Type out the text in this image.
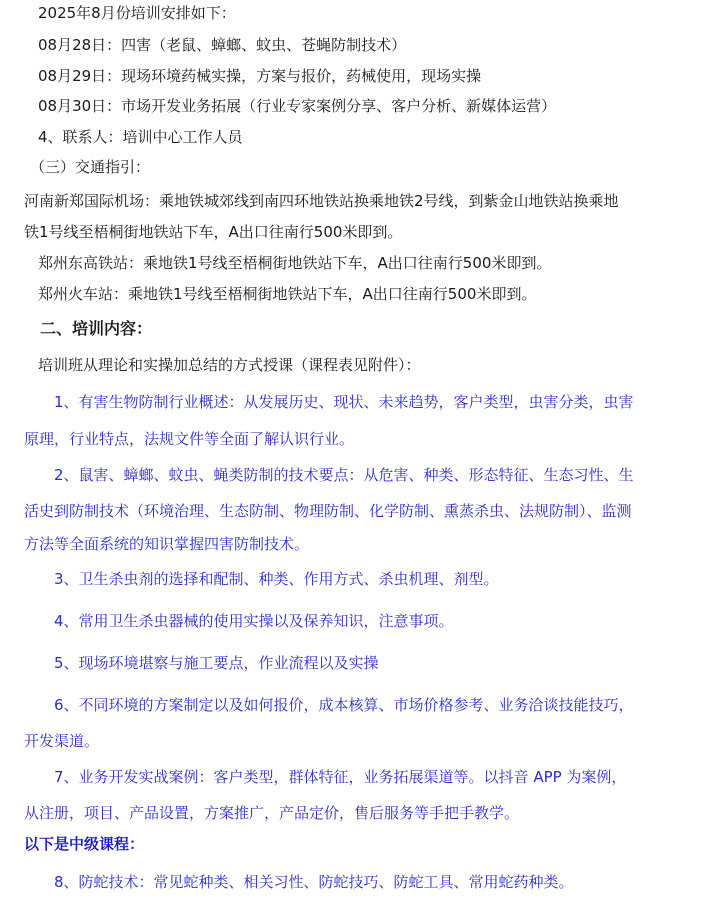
2025年8月份培训安排如下：
08月28日：四害（老鼠、蟑螂、蚊虫、苍蝇防制技术）
08月29日：现场环境药械实操，方案与报价，药械使用，现场实操
08月30日：市场开发业务拓展（行业专家案例分享、客户分析、新媒体运营）
4、联系人：培训中心工作人员
（三）交通指引：
河南新郑国际机场：乘地铁城郊线到南四环地铁站换乘地铁2号线，到紫金山地铁站换乘地
铁1号线至梧桐街地铁站下车，A出口往南行500米即到。
郑州东高铁站：乘地铁1号线至梧桐街地铁站下车，A出口往南行500米即到。
郑州火车站：乘地铁1号线至梧桐街地铁站下车，A出口往南行500米即到。
二、培训内容：
培训班从理论和实操加总结的方式授课（课程表见附件）：
1、有害生物防制行业概述：从发展历史、现状、未来趋势，客户类型，虫害分类，虫害
原理，行业特点，法规文件等全面了解认识行业。
2、鼠害、蟑螂、蚊虫、蝇类防制的技术要点：从危害、种类、形态特征、生态习性、生
活史到防制技术（环境治理、生态防制、物理防制、化学防制、熏蒸杀虫、法规防制）、监测
方法等全面系统的知识掌握四害防制技术。
3、卫生杀虫剂的选择和配制、种类、作用方式、杀虫机理、剂型。
4、常用卫生杀虫器械的使用实操以及保养知识，注意事项。
5、现场环境堪察与施工要点，作业流程以及实操
6、不同环境的方案制定以及如何报价，成本核算、市场价格参考、业务洽谈技能技巧，
开发渠道。
7、业务开发实战案例：客户类型，群体特征，业务拓展渠道等。以抖音 APP 为案例，
从注册，项目、产品设置，方案推广，产品定价，售后服务等手把手教学。
以下是中级课程：
8、防蛇技术：常见蛇种类、相关习性、防蛇技巧、防蛇工具、常用蛇药种类。
